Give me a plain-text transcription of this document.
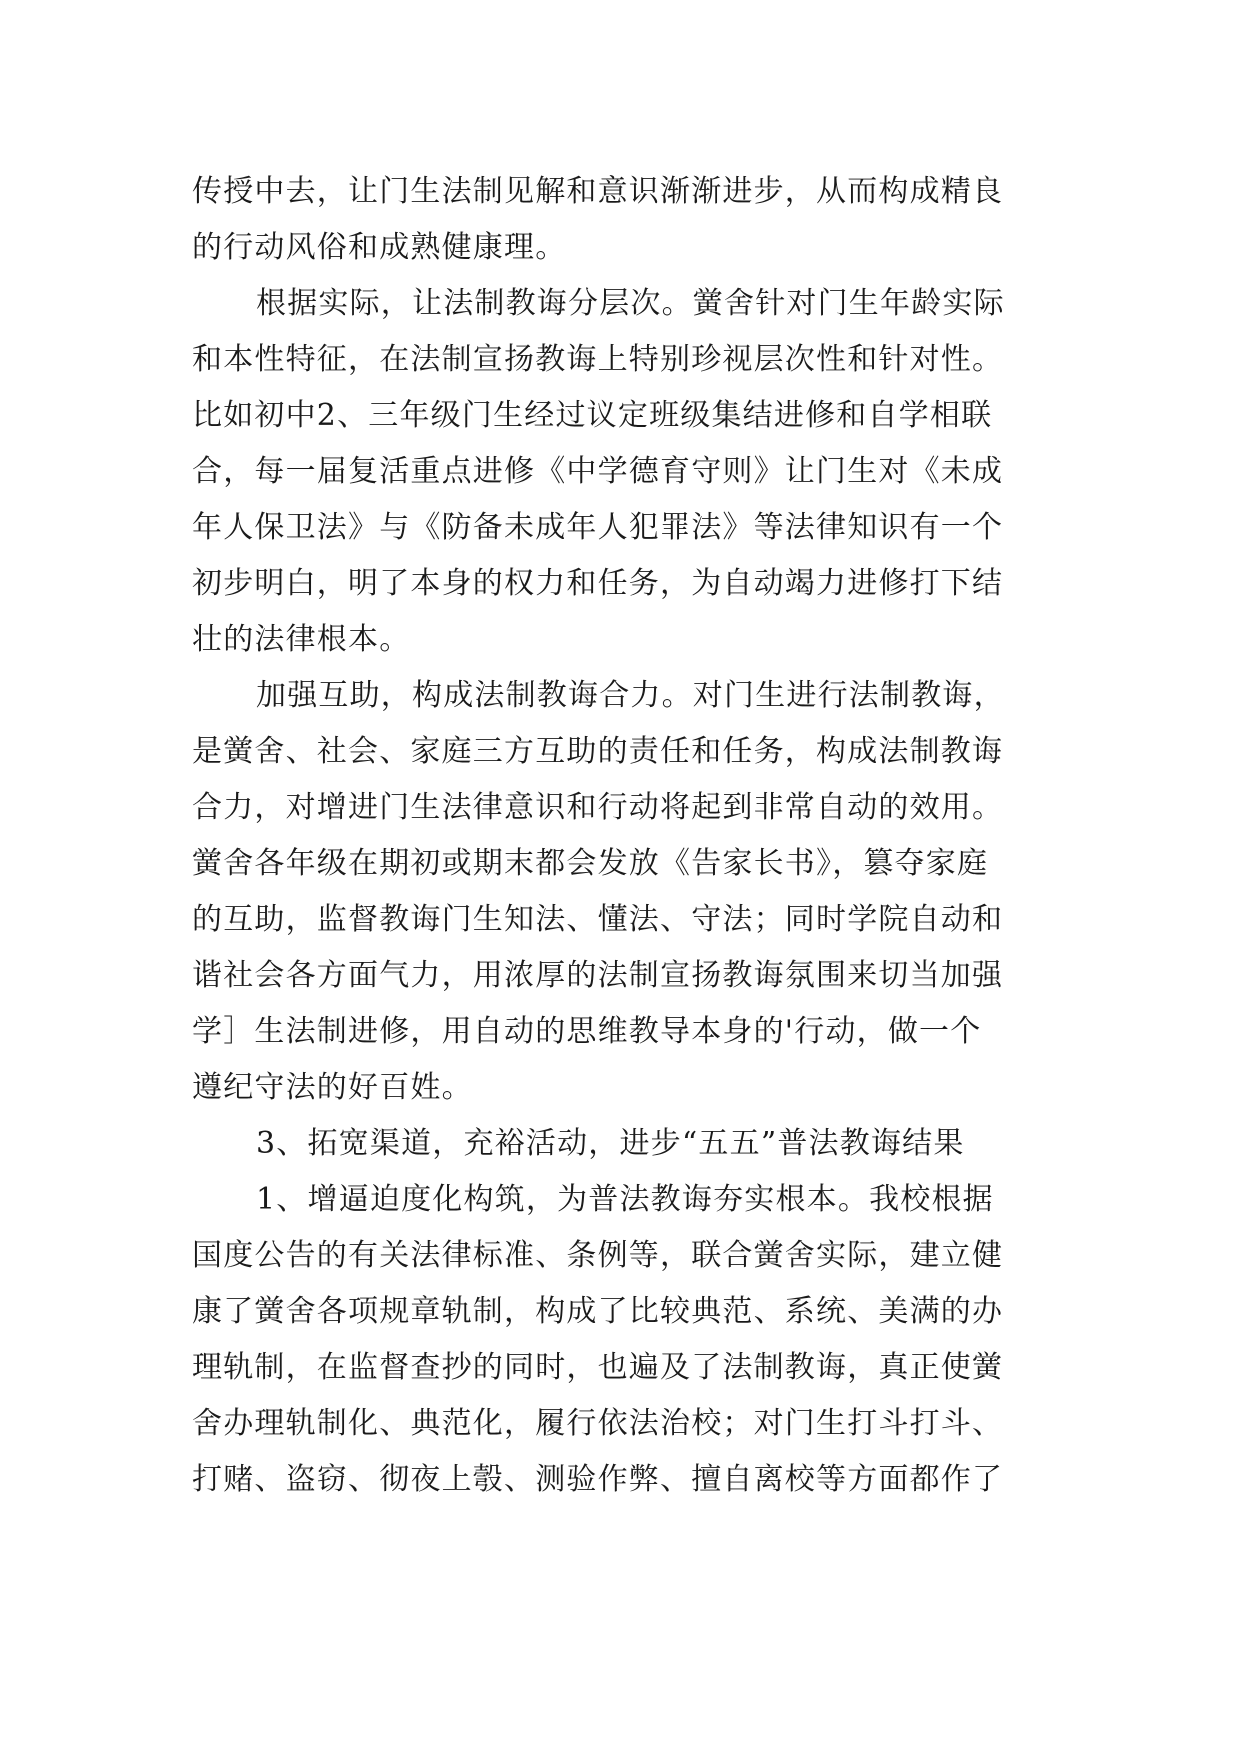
传授中去，让门生法制见解和意识渐渐进步，从而构成精良
的行动风俗和成熟健康理。
根据实际，让法制教诲分层次。黉舍针对门生年龄实际
和本性特征，在法制宣扬教诲上特别珍视层次性和针对性。
比如初中2、三年级门生经过议定班级集结进修和自学相联
合，每一届复活重点进修《中学德育守则》让门生对《未成
年人保卫法》与《防备未成年人犯罪法》等法律知识有一个
初步明白，明了本身的权力和任务，为自动竭力进修打下结
壮的法律根本。
加强互助，构成法制教诲合力。对门生进行法制教诲，
是黉舍、社会、家庭三方互助的责任和任务，构成法制教诲
合力，对增进门生法律意识和行动将起到非常自动的效用。
黉舍各年级在期初或期末都会发放《告家长书》，篡夺家庭
的互助，监督教诲门生知法、懂法、守法；同时学院自动和
谐社会各方面气力，用浓厚的法制宣扬教诲氛围来切当加强
学］生法制进修，用自动的思维教导本身的'行动，做一个
遵纪守法的好百姓。
3、拓宽渠道，充裕活动，进步“五五”普法教诲结果
1、增逼迫度化构筑，为普法教诲夯实根本。我校根据
国度公告的有关法律标准、条例等，联合黉舍实际，建立健
康了黉舍各项规章轨制，构成了比较典范、系统、美满的办
理轨制，在监督查抄的同时，也遍及了法制教诲，真正使黉
舍办理轨制化、典范化，履行依法治校；对门生打斗打斗、
打赌、盗窃、彻夜上彀、测验作弊、擅自离校等方面都作了
